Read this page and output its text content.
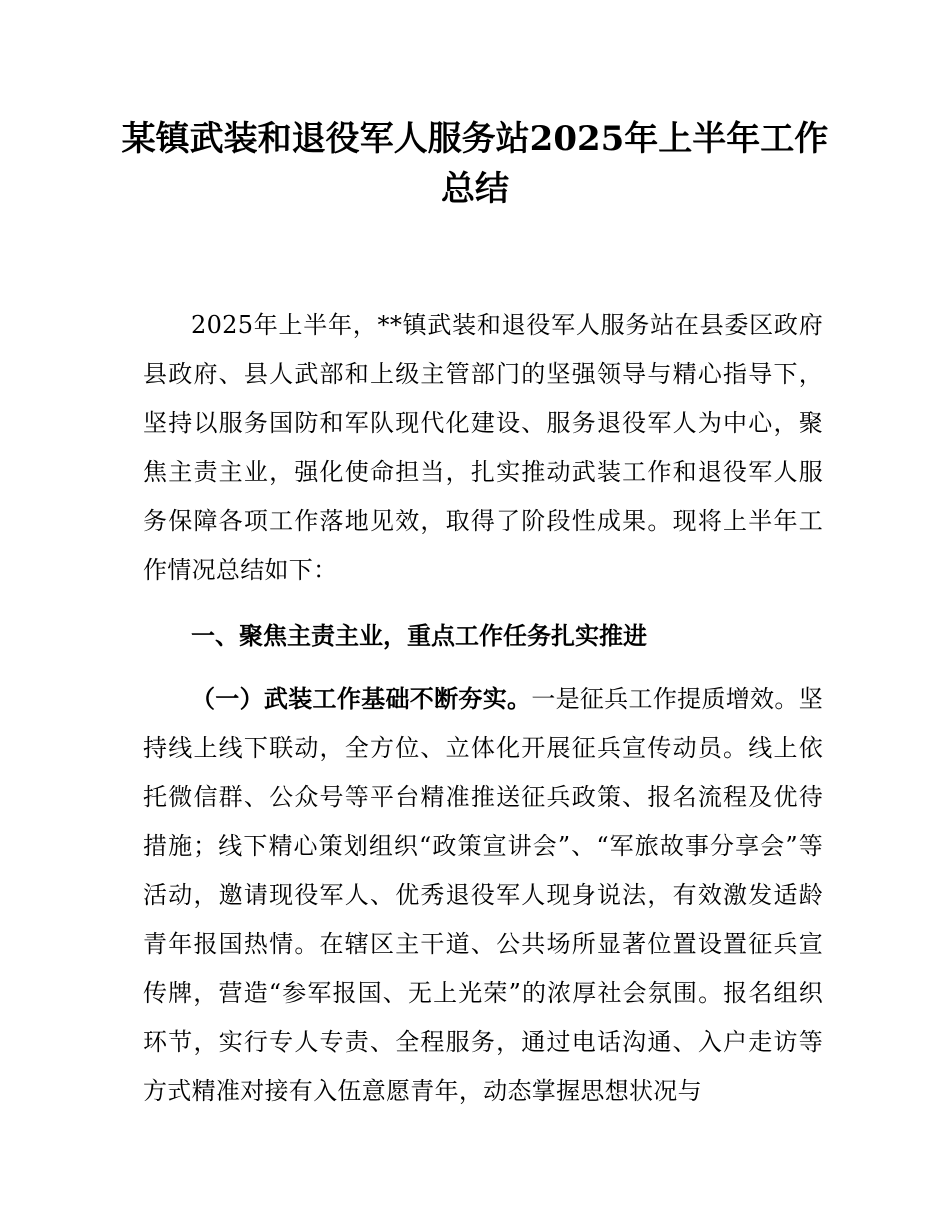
某镇武装和退役军人服务站2025年上半年工作总结
2025年上半年，**镇武装和退役军人服务站在县委区政府县政府、县人武部和上级主管部门的坚强领导与精心指导下，坚持以服务国防和军队现代化建设、服务退役军人为中心，聚焦主责主业，强化使命担当，扎实推动武装工作和退役军人服务保障各项工作落地见效，取得了阶段性成果。现将上半年工作情况总结如下：
一、聚焦主责主业，重点工作任务扎实推进
（一）武装工作基础不断夯实。一是征兵工作提质增效。坚持线上线下联动，全方位、立体化开展征兵宣传动员。线上依托微信群、公众号等平台精准推送征兵政策、报名流程及优待措施；线下精心策划组织“政策宣讲会”、“军旅故事分享会”等活动，邀请现役军人、优秀退役军人现身说法，有效激发适龄青年报国热情。在辖区主干道、公共场所显著位置设置征兵宣传牌，营造“参军报国、无上光荣”的浓厚社会氛围。报名组织环节，实行专人专责、全程服务，通过电话沟通、入户走访等方式精准对接有入伍意愿青年，动态掌握思想状况与
